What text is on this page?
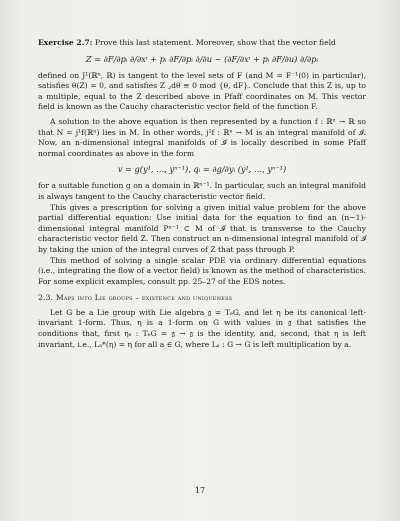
Exercise 2.7: Prove this last statement. Moreover, show that the vector field

Z = ∂F/∂pᵢ ∂/∂xⁱ + pᵢ ∂F/∂pᵢ ∂/∂u − (∂F/∂xⁱ + pᵢ ∂F/∂u) ∂/∂pᵢ

defined on J¹(ℝⁿ, ℝ) is tangent to the level sets of F (and M = F⁻¹(0) in particular), satisfies θ(Z) = 0, and satisfies Z ⌟dθ ≡ 0 mod {θ, dF}. Conclude that this Z is, up to a multiple, equal to the Z described above in Pfaff coordinates on M. This vector field is known as the Cauchy characteristic vector field of the function F.

A solution to the above equation is then represented by a function f : ℝⁿ → ℝ so that N = j¹f(ℝⁿ) lies in M. In other words, j¹f : ℝⁿ → M is an integral manifold of 𝓘. Now, an n-dimensional integral manifolds of 𝓘 is locally described in some Pfaff normal coordinates as above in the form

v = g(y¹, …, yⁿ⁻¹), qᵢ = ∂g/∂yᵢ (y¹, …, yⁿ⁻¹)

for a suitable function g on a domain in ℝⁿ⁻¹. In particular, such an integral manifold is always tangent to the Cauchy characteristic vector field.

This gives a prescription for solving a given initial value problem for the above partial differential equation: Use initial data for the equation to find an (n−1)-dimensional integral manifold Pⁿ⁻¹ ⊂ M of 𝓘 that is transverse to the Cauchy characteristic vector field Z. Then construct an n-dimensional integral manifold of 𝓘 by taking the union of the integral curves of Z that pass through P.

This method of solving a single scalar PDE via ordinary differential equations (i.e., integrating the flow of a vector field) is known as the method of characteristics. For some explicit examples, consult pp. 25–27 of the EDS notes.

2.3. Maps into Lie groups – existence and uniqueness

Let G be a Lie group with Lie algebra 𝔤 = TₑG, and let η be its canonical left-invariant 1-form. Thus, η is a 1-form on G with values in 𝔤 that satisfies the conditions that, first ηₑ : TₑG = 𝔤 → 𝔤 is the identity, and, second, that η is left invariant, i.e., Lₐ*(η) = η for all a ∈ G, where Lₐ : G → G is left multiplication by a.

17
